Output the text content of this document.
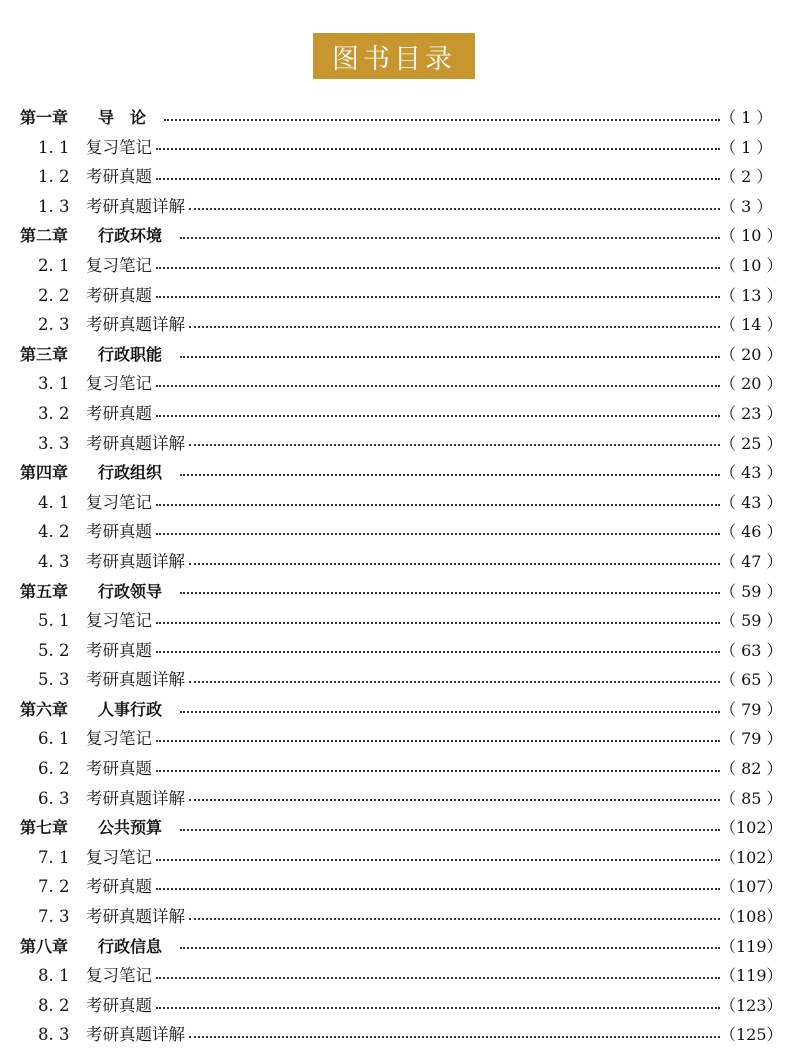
图书目录
第一章	导　论	（ 1 ）
1. 1	复习笔记	（ 1 ）
1. 2	考研真题	（ 2 ）
1. 3	考研真题详解	（ 3 ）
第二章	行政环境	（ 10 ）
2. 1	复习笔记	（ 10 ）
2. 2	考研真题	（ 13 ）
2. 3	考研真题详解	（ 14 ）
第三章	行政职能	（ 20 ）
3. 1	复习笔记	（ 20 ）
3. 2	考研真题	（ 23 ）
3. 3	考研真题详解	（ 25 ）
第四章	行政组织	（ 43 ）
4. 1	复习笔记	（ 43 ）
4. 2	考研真题	（ 46 ）
4. 3	考研真题详解	（ 47 ）
第五章	行政领导	（ 59 ）
5. 1	复习笔记	（ 59 ）
5. 2	考研真题	（ 63 ）
5. 3	考研真题详解	（ 65 ）
第六章	人事行政	（ 79 ）
6. 1	复习笔记	（ 79 ）
6. 2	考研真题	（ 82 ）
6. 3	考研真题详解	（ 85 ）
第七章	公共预算	（102）
7. 1	复习笔记	（102）
7. 2	考研真题	（107）
7. 3	考研真题详解	（108）
第八章	行政信息	（119）
8. 1	复习笔记	（119）
8. 2	考研真题	（123）
8. 3	考研真题详解	（125）
